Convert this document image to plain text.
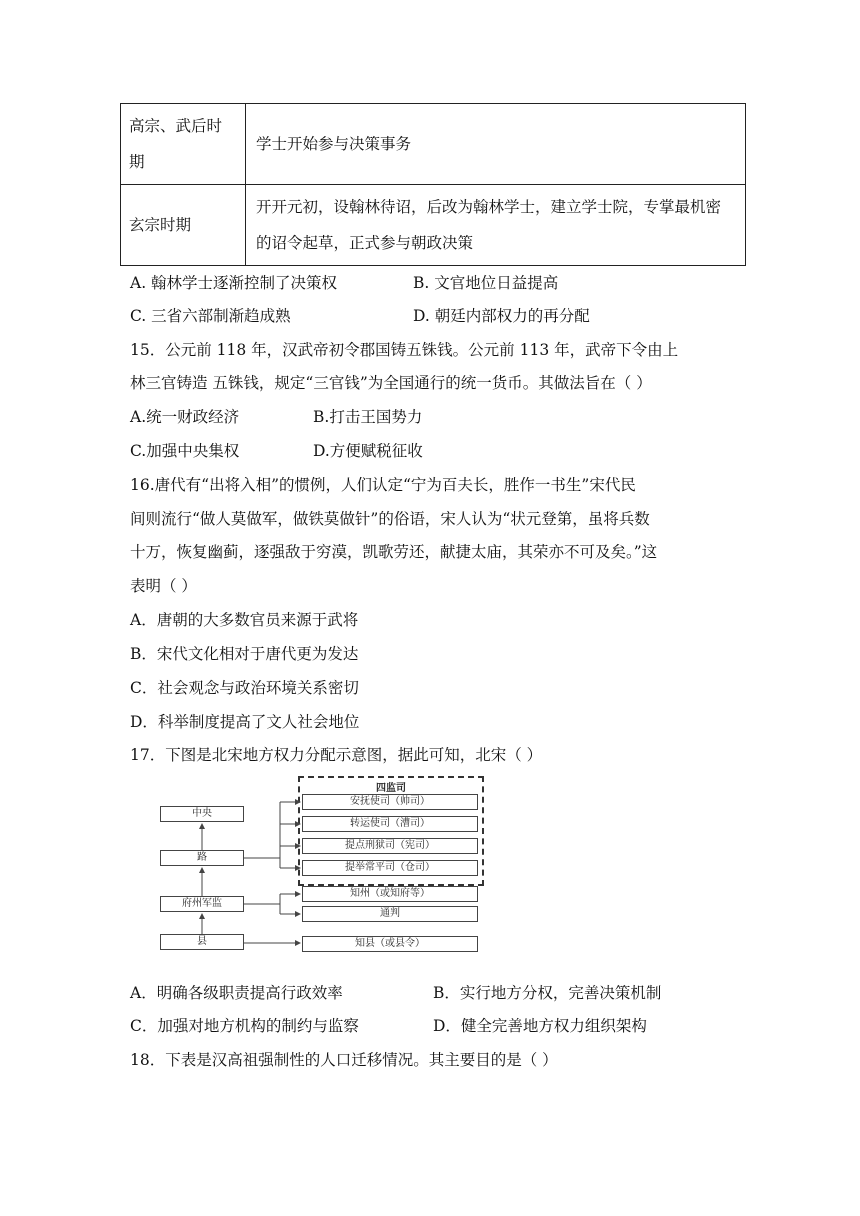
高宗、武后时期	学士开始参与决策事务
玄宗时期	开开元初，设翰林待诏，后改为翰林学士，建立学士院，专掌最机密的诏令起草，正式参与朝政决策
A. 翰林学士逐渐控制了决策权	B. 文官地位日益提高
C. 三省六部制渐趋成熟	D. 朝廷内部权力的再分配
15．公元前 118 年，汉武帝初令郡国铸五铢钱。公元前 113 年，武帝下令由上
林三官铸造 五铢钱，规定“三官钱”为全国通行的统一货币。其做法旨在（ ）
A.统一财政经济	B.打击王国势力
C.加强中央集权	D.方便赋税征收
16.唐代有“出将入相”的惯例，人们认定“宁为百夫长，胜作一书生”宋代民
间则流行“做人莫做军，做铁莫做针”的俗语，宋人认为“状元登第，虽将兵数
十万，恢复幽蓟，逐强敌于穷漠，凯歌劳还，献捷太庙，其荣亦不可及矣。”这
表明（ ）
A．唐朝的大多数官员来源于武将
B．宋代文化相对于唐代更为发达
C．社会观念与政治环境关系密切
D．科举制度提高了文人社会地位
17．下图是北宋地方权力分配示意图，据此可知，北宋（ ）
四监司
中央
路
府州军监
县
安抚使司（帅司）
转运使司（漕司）
提点刑狱司（宪司）
提举常平司（仓司）
知州（或知府等）
通判
知县（或县令）
A．明确各级职责提高行政效率	B．实行地方分权，完善决策机制
C．加强对地方机构的制约与监察	D．健全完善地方权力组织架构
18．下表是汉高祖强制性的人口迁移情况。其主要目的是（ ）
